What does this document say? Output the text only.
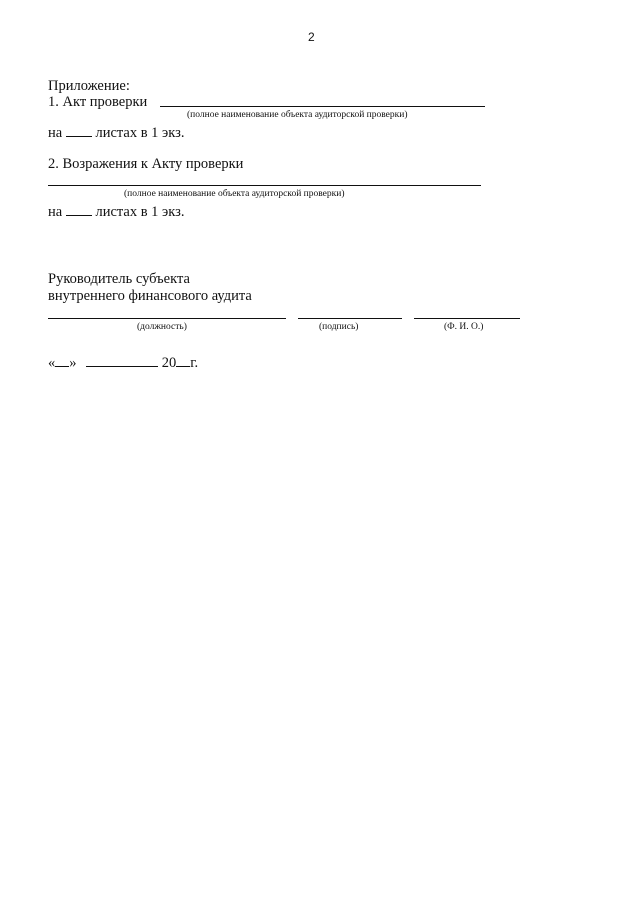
2
Приложение:
1. Акт проверки
(полное наименование объекта аудиторской проверки)
на листах в 1 экз.
2. Возражения к Акту проверки
(полное наименование объекта аудиторской проверки)
на листах в 1 экз.
Руководитель субъекта
внутреннего финансового аудита
(должность)	(подпись)	(Ф. И. О.)
« »	20 г.
